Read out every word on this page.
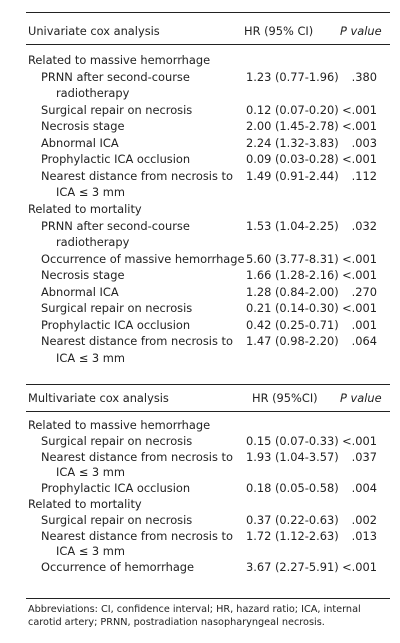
Univariate cox analysis	HR (95% CI) P value
Related to massive hemorrhage
PRNN after second-course
radiotherapy
1.23 (0.77-1.96)	.380
Surgical repair on necrosis	0.12 (0.07-0.20) <.001
Necrosis stage	2.00 (1.45-2.78) <.001
Abnormal ICA	2.24 (1.32-3.83)	.003
Prophylactic ICA occlusion	0.09 (0.03-0.28) <.001
Nearest distance from necrosis to
ICA ≤ 3 mm
1.49 (0.91-2.44)	.112
Related to mortality
PRNN after second-course
radiotherapy
1.53 (1.04-2.25)	.032
Occurrence of massive hemorrhage 5.60 (3.77-8.31) <.001
Necrosis stage	1.66 (1.28-2.16) <.001
Abnormal ICA	1.28 (0.84-2.00)	.270
Surgical repair on necrosis	0.21 (0.14-0.30) <.001
Prophylactic ICA occlusion	0.42 (0.25-0.71)	.001
Nearest distance from necrosis to
ICA ≤ 3 mm
1.47 (0.98-2.20)	.064
Multivariate cox analysis	HR (95%CI) P value
Related to massive hemorrhage
Surgical repair on necrosis	0.15 (0.07-0.33) <.001
Nearest distance from necrosis to
ICA ≤ 3 mm
1.93 (1.04-3.57)	.037
Prophylactic ICA occlusion	0.18 (0.05-0.58)	.004
Related to mortality
Surgical repair on necrosis	0.37 (0.22-0.63)	.002
Nearest distance from necrosis to
ICA ≤ 3 mm
1.72 (1.12-2.63)	.013
Occurrence of hemorrhage	3.67 (2.27-5.91) <.001
Abbreviations: CI, confidence interval; HR, hazard ratio; ICA, internal carotid artery; PRNN, postradiation nasopharyngeal necrosis.
